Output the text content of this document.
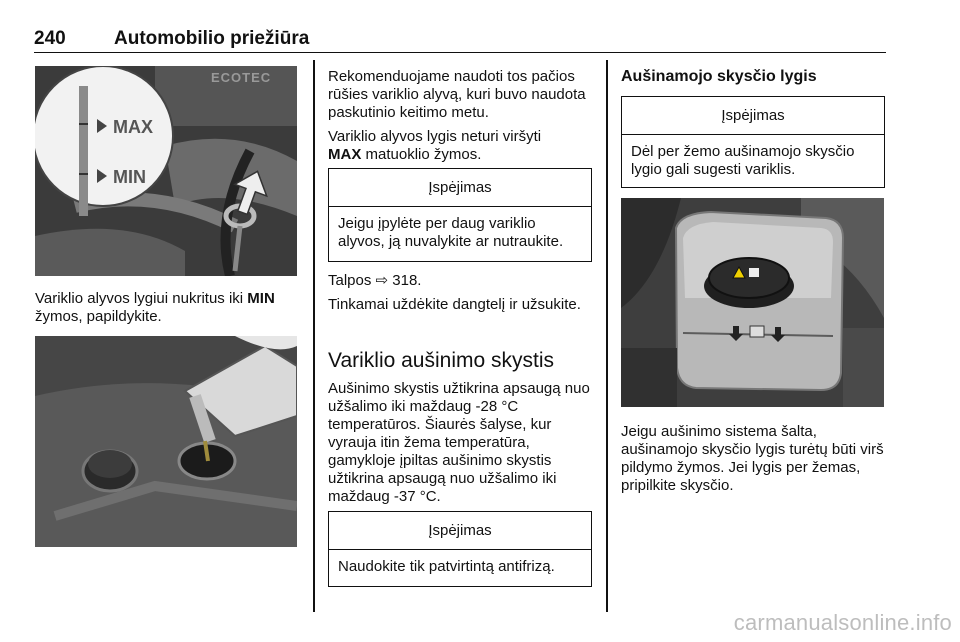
240	Automobilio priežiūra
MAX
MIN
ECOTEC

Variklio alyvos lygiui nukritus iki MIN
žymos, papildykite.

Rekomenduojame naudoti tos pačios rūšies variklio alyvą, kuri buvo naudota paskutinio keitimo metu.

Variklio alyvos lygis neturi viršyti
MAX matuoklio žymos.

Įspėjimas
Jeigu įpylėte per daug variklio alyvos, ją nuvalykite ar nutraukite.

Talpos ⇨ 318.

Tinkamai uždėkite dangtelį ir užsukite.

Variklio aušinimo skystis

Aušinimo skystis užtikrina apsaugą nuo užšalimo iki maždaug -28 °C temperatūros. Šiaurės šalyse, kur vyrauja itin žema temperatūra, gamykloje įpiltas aušinimo skystis užtikrina apsaugą nuo užšalimo iki maždaug -37 °C.

Įspėjimas
Naudokite tik patvirtintą antifrizą.
Aušinamojo skysčio lygis
Įspėjimas
Dėl per žemo aušinamojo skysčio lygio gali sugesti variklis.

Jeigu aušinimo sistema šalta, aušinamojo skysčio lygis turėtų būti virš pildymo žymos. Jei lygis per žemas, pripilkite skysčio.

carmanualsonline.info
